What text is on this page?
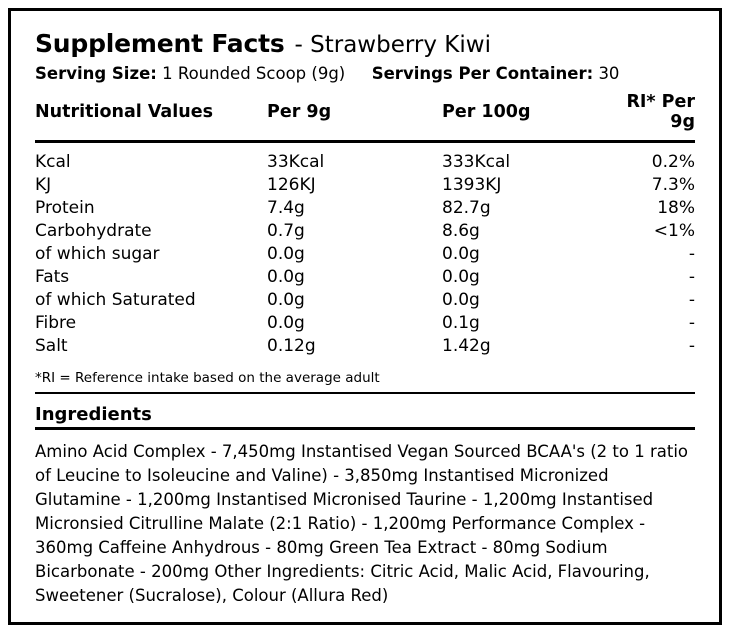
Supplement Facts - Strawberry Kiwi
Serving Size: 1 Rounded Scoop (9g) Servings Per Container: 30
Nutritional Values	Per 9g	Per 100g	RI* Per 9g
Kcal	33Kcal	333Kcal	0.2%
KJ	126KJ	1393KJ	7.3%
Protein	7.4g	82.7g	18%
Carbohydrate	0.7g	8.6g	<1%
of which sugar	0.0g	0.0g	-
Fats	0.0g	0.0g	-
of which Saturated	0.0g	0.0g	-
Fibre	0.0g	0.1g	-
Salt	0.12g	1.42g	-

*RI = Reference intake based on the average adult

Ingredients

Amino Acid Complex - 7,450mg Instantised Vegan Sourced BCAA's (2 to 1 ratio of Leucine to Isoleucine and Valine) - 3,850mg Instantised Micronized Glutamine - 1,200mg Instantised Micronised Taurine - 1,200mg Instantised Micronsied Citrulline Malate (2:1 Ratio) - 1,200mg Performance Complex - 360mg Caffeine Anhydrous - 80mg Green Tea Extract - 80mg Sodium Bicarbonate - 200mg Other Ingredients: Citric Acid, Malic Acid, Flavouring, Sweetener (Sucralose), Colour (Allura Red)
